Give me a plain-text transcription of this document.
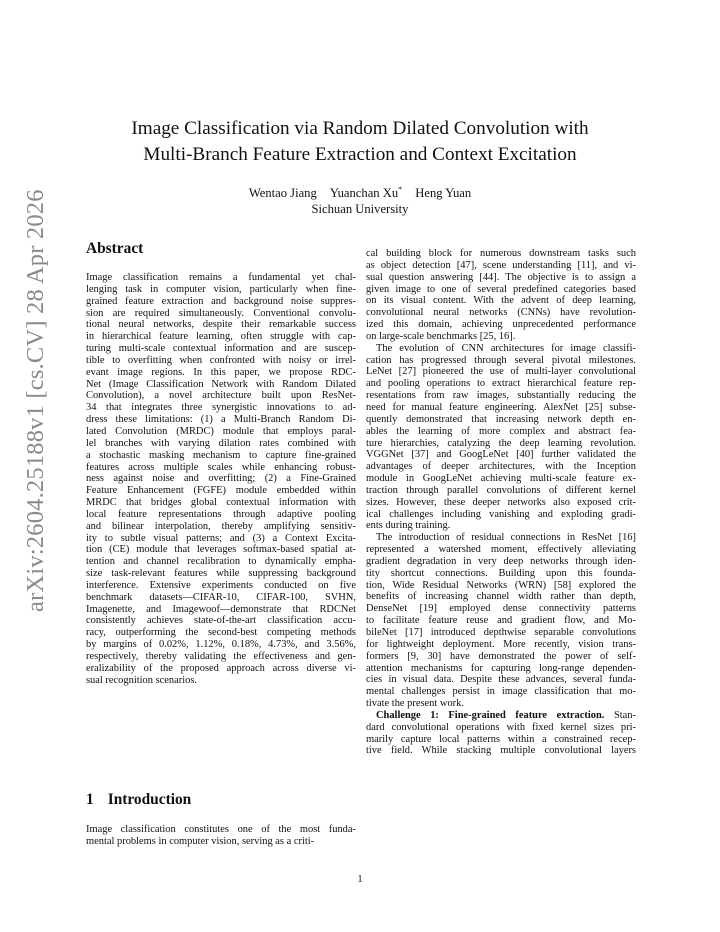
arXiv:2604.25188v1 [cs.CV] 28 Apr 2026
Image Classification via Random Dilated Convolution with
Multi-Branch Feature Extraction and Context Excitation
Wentao Jiang Yuanchan Xu* Heng Yuan
Sichuan University
Abstract
Image classification remains a fundamental yet chal-
lenging task in computer vision, particularly when fine-
grained feature extraction and background noise suppres-
sion are required simultaneously. Conventional convolu-
tional neural networks, despite their remarkable success
in hierarchical feature learning, often struggle with cap-
turing multi-scale contextual information and are suscep-
tible to overfitting when confronted with noisy or irrel-
evant image regions. In this paper, we propose RDC-
Net (Image Classification Network with Random Dilated
Convolution), a novel architecture built upon ResNet-
34 that integrates three synergistic innovations to ad-
dress these limitations: (1) a Multi-Branch Random Di-
lated Convolution (MRDC) module that employs paral-
lel branches with varying dilation rates combined with
a stochastic masking mechanism to capture fine-grained
features across multiple scales while enhancing robust-
ness against noise and overfitting; (2) a Fine-Grained
Feature Enhancement (FGFE) module embedded within
MRDC that bridges global contextual information with
local feature representations through adaptive pooling
and bilinear interpolation, thereby amplifying sensitiv-
ity to subtle visual patterns; and (3) a Context Excita-
tion (CE) module that leverages softmax-based spatial at-
tention and channel recalibration to dynamically empha-
size task-relevant features while suppressing background
interference. Extensive experiments conducted on five
benchmark datasets—CIFAR-10, CIFAR-100, SVHN,
Imagenette, and Imagewoof—demonstrate that RDCNet
consistently achieves state-of-the-art classification accu-
racy, outperforming the second-best competing methods
by margins of 0.02%, 1.12%, 0.18%, 4.73%, and 3.56%,
respectively, thereby validating the effectiveness and gen-
eralizability of the proposed approach across diverse vi-
sual recognition scenarios.
1 Introduction
Image classification constitutes one of the most funda-
mental problems in computer vision, serving as a criti-
cal building block for numerous downstream tasks such
as object detection [47], scene understanding [11], and vi-
sual question answering [44]. The objective is to assign a
given image to one of several predefined categories based
on its visual content. With the advent of deep learning,
convolutional neural networks (CNNs) have revolution-
ized this domain, achieving unprecedented performance
on large-scale benchmarks [25, 16].
The evolution of CNN architectures for image classifi-
cation has progressed through several pivotal milestones.
LeNet [27] pioneered the use of multi-layer convolutional
and pooling operations to extract hierarchical feature rep-
resentations from raw images, substantially reducing the
need for manual feature engineering. AlexNet [25] subse-
quently demonstrated that increasing network depth en-
ables the learning of more complex and abstract fea-
ture hierarchies, catalyzing the deep learning revolution.
VGGNet [37] and GoogLeNet [40] further validated the
advantages of deeper architectures, with the Inception
module in GoogLeNet achieving multi-scale feature ex-
traction through parallel convolutions of different kernel
sizes. However, these deeper networks also exposed crit-
ical challenges including vanishing and exploding gradi-
ents during training.
The introduction of residual connections in ResNet [16]
represented a watershed moment, effectively alleviating
gradient degradation in very deep networks through iden-
tity shortcut connections. Building upon this founda-
tion, Wide Residual Networks (WRN) [58] explored the
benefits of increasing channel width rather than depth,
DenseNet [19] employed dense connectivity patterns
to facilitate feature reuse and gradient flow, and Mo-
bileNet [17] introduced depthwise separable convolutions
for lightweight deployment. More recently, vision trans-
formers [9, 30] have demonstrated the power of self-
attention mechanisms for capturing long-range dependen-
cies in visual data. Despite these advances, several funda-
mental challenges persist in image classification that mo-
tivate the present work.
Challenge 1: Fine-grained feature extraction. Stan-
dard convolutional operations with fixed kernel sizes pri-
marily capture local patterns within a constrained recep-
tive field. While stacking multiple convolutional layers
1
